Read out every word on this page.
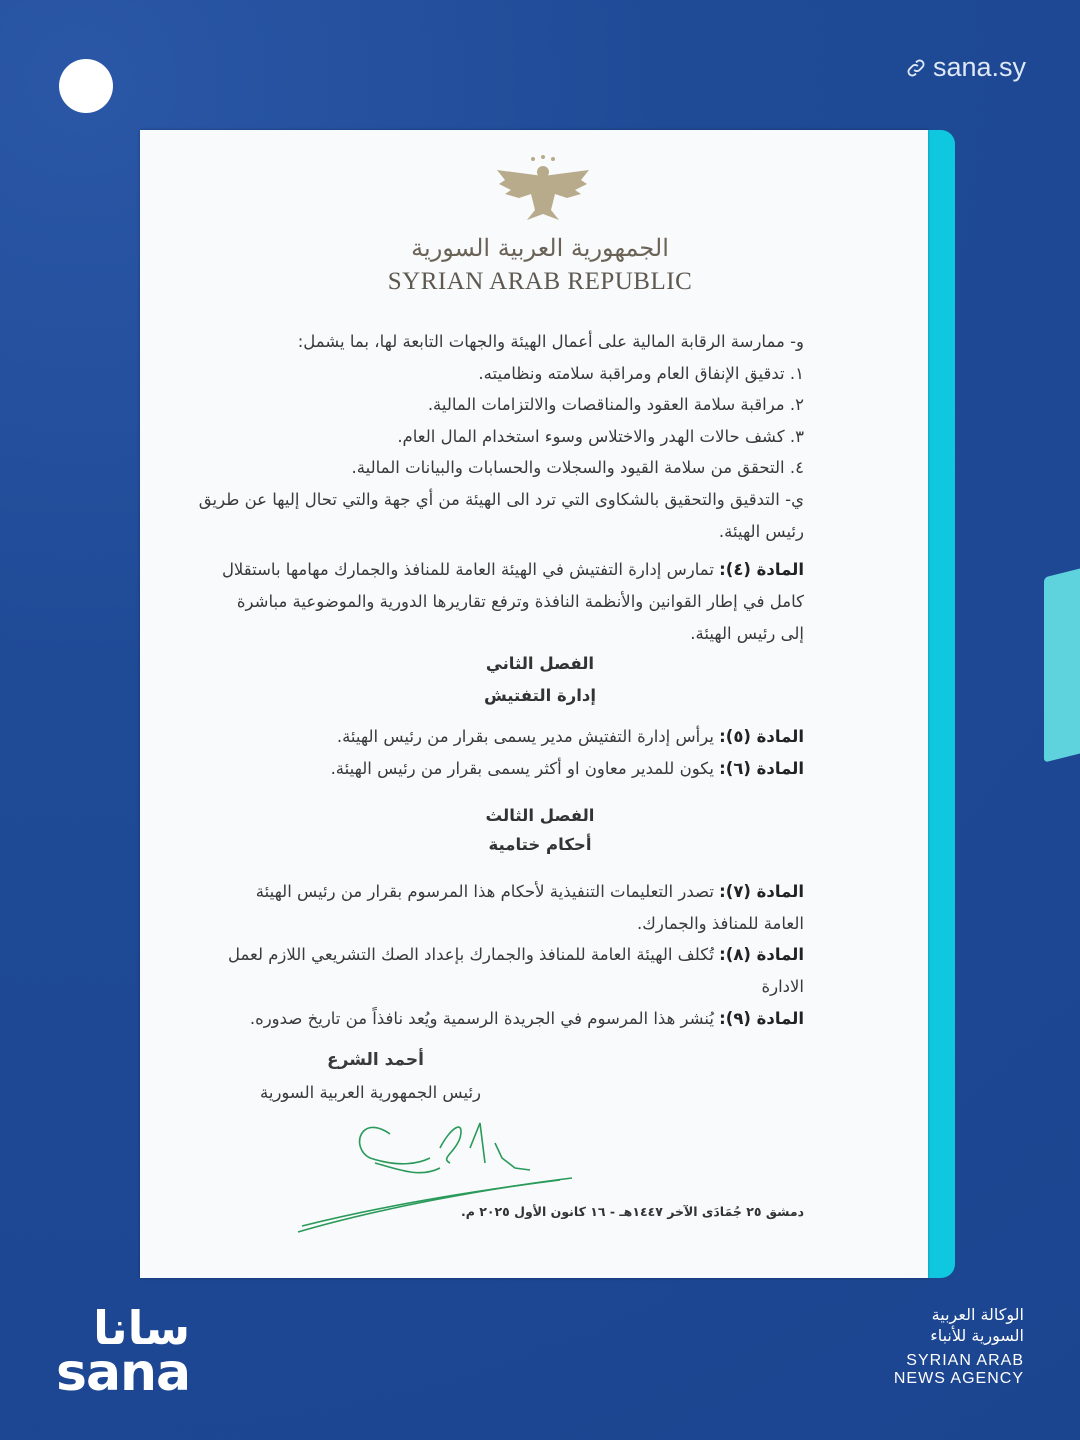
sana.sy
الجمهورية العربية السورية
SYRIAN ARAB REPUBLIC
و- ممارسة الرقابة المالية على أعمال الهيئة والجهات التابعة لها، بما يشمل:
١. تدقيق الإنفاق العام ومراقبة سلامته ونظاميته.
٢. مراقبة سلامة العقود والمناقصات والالتزامات المالية.
٣. كشف حالات الهدر والاختلاس وسوء استخدام المال العام.
٤. التحقق من سلامة القيود والسجلات والحسابات والبيانات المالية.
ي- التدقيق والتحقيق بالشكاوى التي ترد الى الهيئة من أي جهة والتي تحال إليها عن طريق
رئيس الهيئة.
المادة (٤): تمارس إدارة التفتيش في الهيئة العامة للمنافذ والجمارك مهامها باستقلال
كامل في إطار القوانين والأنظمة النافذة وترفع تقاريرها الدورية والموضوعية مباشرة
إلى رئيس الهيئة.
الفصل الثاني
إدارة التفتيش
المادة (٥): يرأس إدارة التفتيش مدير يسمى بقرار من رئيس الهيئة.
المادة (٦): يكون للمدير معاون او أكثر يسمى بقرار من رئيس الهيئة.
الفصل الثالث
أحكام ختامية
المادة (٧): تصدر التعليمات التنفيذية لأحكام هذا المرسوم بقرار من رئيس الهيئة
العامة للمنافذ والجمارك.
المادة (٨): تُكلف الهيئة العامة للمنافذ والجمارك بإعداد الصك التشريعي اللازم لعمل
الادارة
المادة (٩): يُنشر هذا المرسوم في الجريدة الرسمية ويُعد نافذاً من تاريخ صدوره.
أحمد الشرع
رئيس الجمهورية العربية السورية
دمشق ٢٥ جُمَادَى الآخر ١٤٤٧هـ - ١٦ كانون الأول ٢٠٢٥ م.
سانا
sana
الوكالة العربية
السورية للأنباء
SYRIAN ARAB
NEWS AGENCY
